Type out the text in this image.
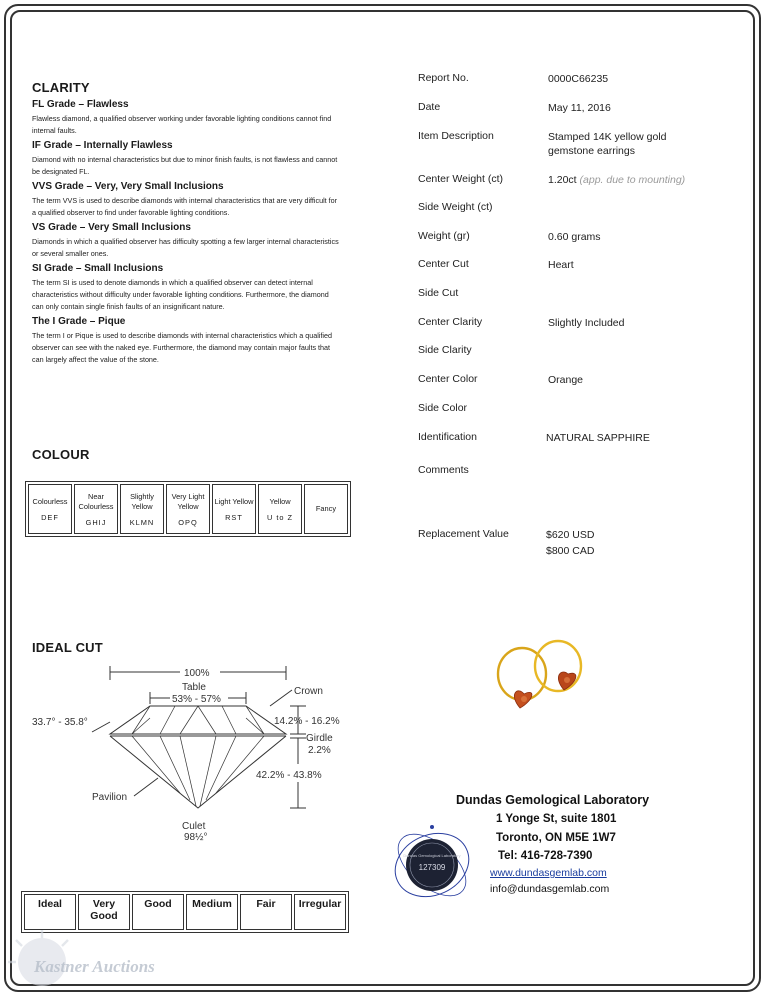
CLARITY
FL Grade – Flawless
Flawless diamond, a qualified observer working under favorable lighting conditions cannot find internal faults.
IF Grade – Internally Flawless
Diamond with no internal characteristics but due to minor finish faults, is not flawless and cannot be designated FL.
VVS Grade – Very, Very Small Inclusions
The term VVS is used to describe diamonds with internal characteristics that are very difficult for a qualified observer to find under favorable lighting conditions.
VS Grade – Very Small Inclusions
Diamonds in which a qualified observer has difficulty spotting a few larger internal characteristics or several smaller ones.
SI Grade – Small Inclusions
The term SI is used to denote diamonds in which a qualified observer can detect internal characteristics without difficulty under favorable lighting conditions. Furthermore, the diamond can only contain single finish faults of an insignificant nature.
The I Grade – Pique
The term I or Pique is used to describe diamonds with internal characteristics which a qualified observer can see with the naked eye. Furthermore, the diamond may contain major faults that can largely affect the value of the stone.
COLOUR
Colourless
DEF

Near Colourless
GHIJ

Slightly Yellow
KLMN

Very Light Yellow
OPQ

Light Yellow
RST

Yellow
U to Z

Fancy
IDEAL CUT
100%
Table
53% - 57%
Crown
33.7° - 35.8°	14.2% - 16.2%
Girdle
2.2%
42.2% - 43.8%
Pavilion
Culet
98½°
Ideal	Very Good	Good	Medium	Fair	Irregular
Report No.	0000C66235
Date	May 11, 2016
Item Description	Stamped 14K yellow gold gemstone earrings
Center Weight (ct)	1.20ct (app. due to mounting)
Side Weight (ct)
Weight (gr)	0.60 grams
Center Cut	Heart
Side Cut
Center Clarity	Slightly Included
Side Clarity
Center Color	Orange
Side Color
Identification	NATURAL SAPPHIRE
Comments
Replacement Value	$620 USD
$800 CAD
Dundas Gemological Laboratory
127309
Dundas Gemological Laboratory
1 Yonge St, suite 1801
Toronto, ON M5E 1W7
Tel: 416-728-7390
www.dundasgemlab.com
info@dundasgemlab.com
Kastner Auctions
